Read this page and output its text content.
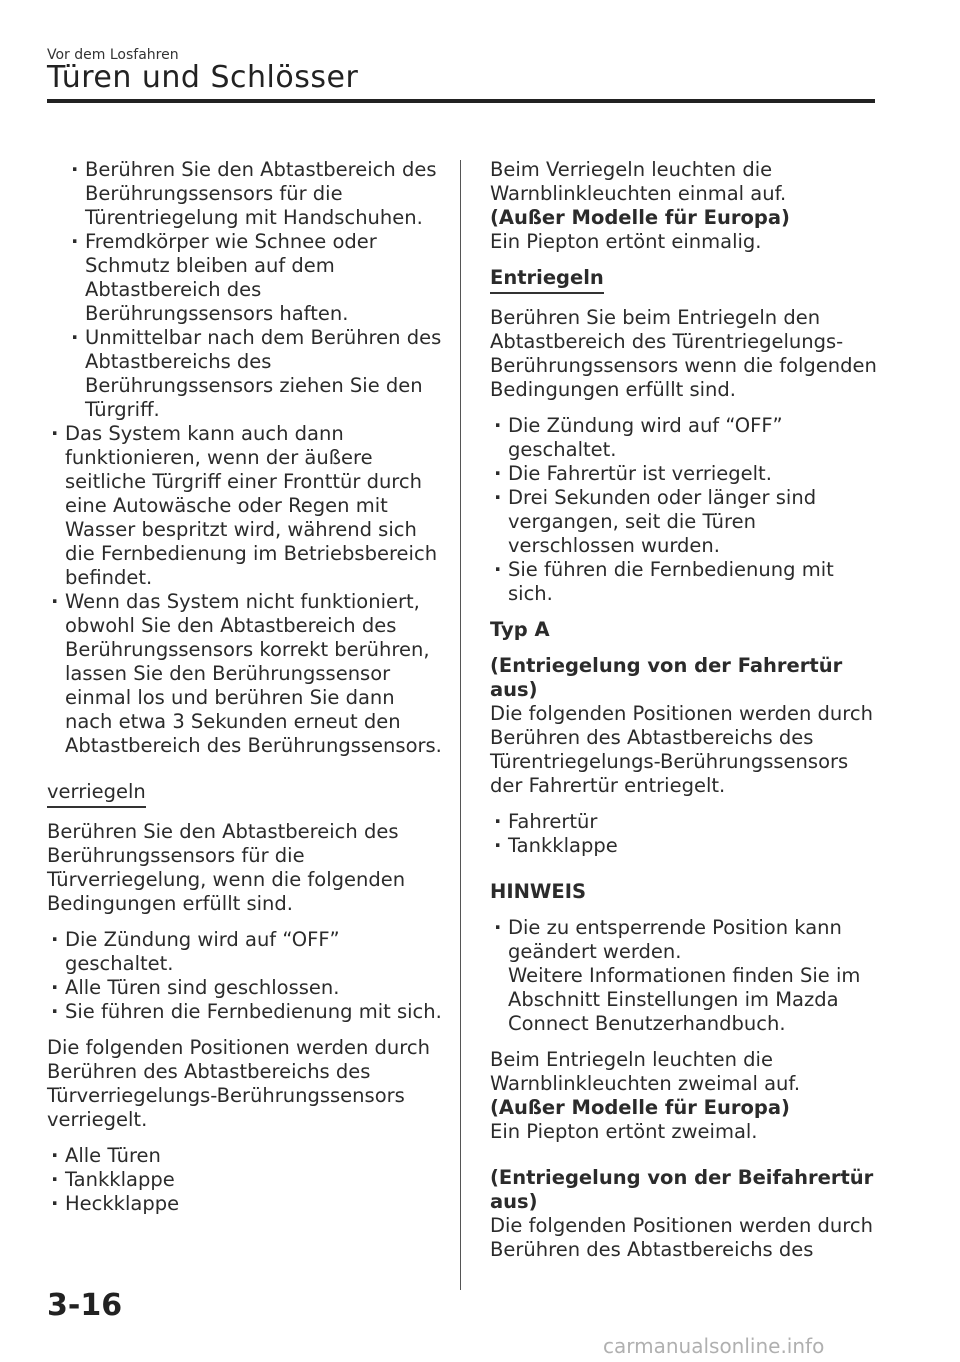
Vor dem Losfahren
Türen und Schlösser

· Berühren Sie den Abtastbereich des Berührungssensors für die Türentriegelung mit Handschuhen.

· Fremdkörper wie Schnee oder Schmutz bleiben auf dem Abtastbereich des Berührungssensors haften.

· Unmittelbar nach dem Berühren des Abtastbereichs des Berührungssensors ziehen Sie den Türgriff.

· Das System kann auch dann funktionieren, wenn der äußere seitliche Türgriff einer Fronttür durch eine Autowäsche oder Regen mit Wasser bespritzt wird, während sich die Fernbedienung im Betriebsbereich befindet.

· Wenn das System nicht funktioniert, obwohl Sie den Abtastbereich des Berührungssensors korrekt berühren, lassen Sie den Berührungssensor einmal los und berühren Sie dann nach etwa 3 Sekunden erneut den Abtastbereich des Berührungssensors.

verriegeln

Berühren Sie den Abtastbereich des Berührungssensors für die Türverriegelung, wenn die folgenden Bedingungen erfüllt sind.

· Die Zündung wird auf “OFF” geschaltet.

· Alle Türen sind geschlossen.

· Sie führen die Fernbedienung mit sich.

Die folgenden Positionen werden durch Berühren des Abtastbereichs des Türverriegelungs-Berührungssensors verriegelt.

· Alle Türen

· Tankklappe

· Heckklappe

Beim Verriegeln leuchten die Warnblinkleuchten einmal auf.

(Außer Modelle für Europa)

Ein Piepton ertönt einmalig.

Entriegeln

Berühren Sie beim Entriegeln den Abtastbereich des Türentriegelungs-Berührungssensors wenn die folgenden Bedingungen erfüllt sind.

· Die Zündung wird auf “OFF” geschaltet.

· Die Fahrertür ist verriegelt.

· Drei Sekunden oder länger sind vergangen, seit die Türen verschlossen wurden.

· Sie führen die Fernbedienung mit sich.

Typ A

(Entriegelung von der Fahrertür aus)

Die folgenden Positionen werden durch Berühren des Abtastbereichs des Türentriegelungs-Berührungssensors der Fahrertür entriegelt.

· Fahrertür

· Tankklappe

HINWEIS

· Die zu entsperrende Position kann geändert werden.

Weitere Informationen finden Sie im Abschnitt Einstellungen im Mazda Connect Benutzerhandbuch.

Beim Entriegeln leuchten die Warnblinkleuchten zweimal auf.

(Außer Modelle für Europa)

Ein Piepton ertönt zweimal.

(Entriegelung von der Beifahrertür aus)

Die folgenden Positionen werden durch Berühren des Abtastbereichs des

3-16
carmanualsonline.info
